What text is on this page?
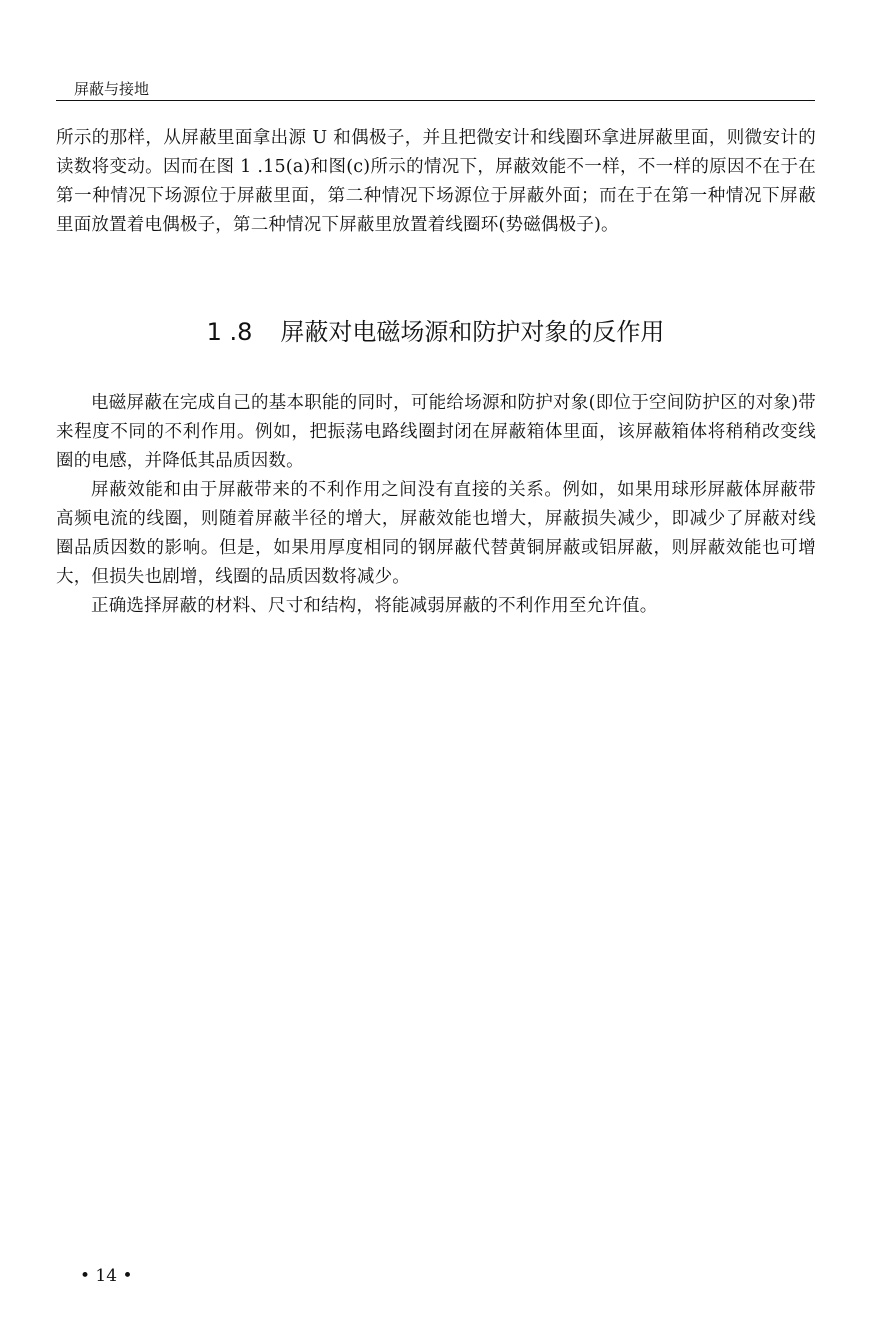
屏蔽与接地

所示的那样，从屏蔽里面拿出源 U 和偶极子，并且把微安计和线圈环拿进屏蔽里面，则微安计的读数将变动。因而在图 1 .15(a)和图(c)所示的情况下，屏蔽效能不一样，不一样的原因不在于在第一种情况下场源位于屏蔽里面，第二种情况下场源位于屏蔽外面；而在于在第一种情况下屏蔽里面放置着电偶极子，第二种情况下屏蔽里放置着线圈环(势磁偶极子)。

1 .8 屏蔽对电磁场源和防护对象的反作用

电磁屏蔽在完成自己的基本职能的同时，可能给场源和防护对象(即位于空间防护区的对象)带来程度不同的不利作用。例如，把振荡电路线圈封闭在屏蔽箱体里面，该屏蔽箱体将稍稍改变线圈的电感，并降低其品质因数。

屏蔽效能和由于屏蔽带来的不利作用之间没有直接的关系。例如，如果用球形屏蔽体屏蔽带高频电流的线圈，则随着屏蔽半径的增大，屏蔽效能也增大，屏蔽损失减少，即减少了屏蔽对线圈品质因数的影响。但是，如果用厚度相同的钢屏蔽代替黄铜屏蔽或铝屏蔽，则屏蔽效能也可增大，但损失也剧增，线圈的品质因数将减少。

正确选择屏蔽的材料、尺寸和结构，将能减弱屏蔽的不利作用至允许值。

• 14 •
